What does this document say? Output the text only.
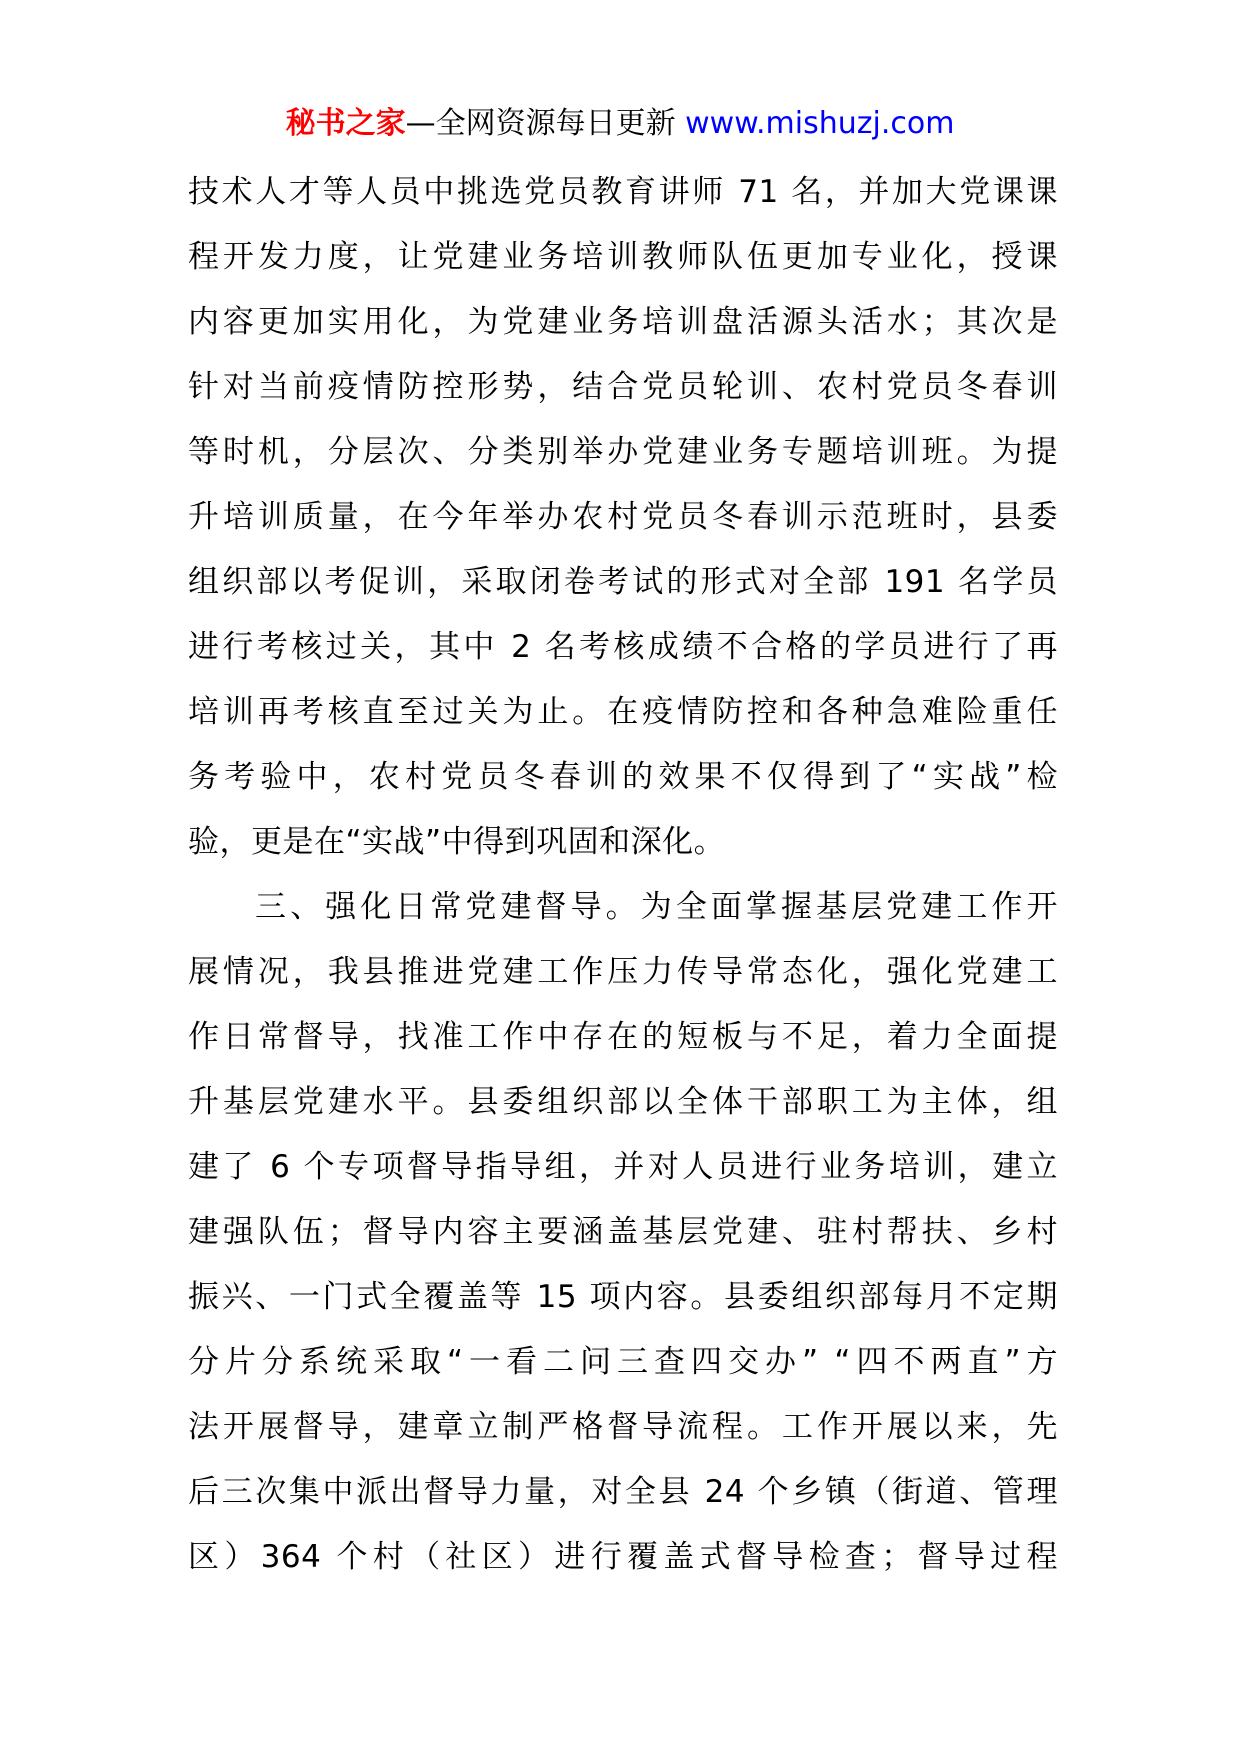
秘书之家—全网资源每日更新 www.mishuzj.com
技术人才等人员中挑选党员教育讲师 71 名，并加大党课课
程开发力度，让党建业务培训教师队伍更加专业化，授课
内容更加实用化，为党建业务培训盘活源头活水；其次是
针对当前疫情防控形势，结合党员轮训、农村党员冬春训
等时机，分层次、分类别举办党建业务专题培训班。为提
升培训质量，在今年举办农村党员冬春训示范班时，县委
组织部以考促训，采取闭卷考试的形式对全部 191 名学员
进行考核过关，其中 2 名考核成绩不合格的学员进行了再
培训再考核直至过关为止。在疫情防控和各种急难险重任
务考验中，农村党员冬春训的效果不仅得到了“实战”检
验，更是在“实战”中得到巩固和深化。
三、强化日常党建督导。为全面掌握基层党建工作开
展情况，我县推进党建工作压力传导常态化，强化党建工
作日常督导，找准工作中存在的短板与不足，着力全面提
升基层党建水平。县委组织部以全体干部职工为主体，组
建了 6 个专项督导指导组，并对人员进行业务培训，建立
建强队伍；督导内容主要涵盖基层党建、驻村帮扶、乡村
振兴、一门式全覆盖等 15 项内容。县委组织部每月不定期
分片分系统采取“一看二问三查四交办” “四不两直”方
法开展督导，建章立制严格督导流程。工作开展以来，先
后三次集中派出督导力量，对全县 24 个乡镇（街道、管理
区）364 个村（社区）进行覆盖式督导检查；督导过程
